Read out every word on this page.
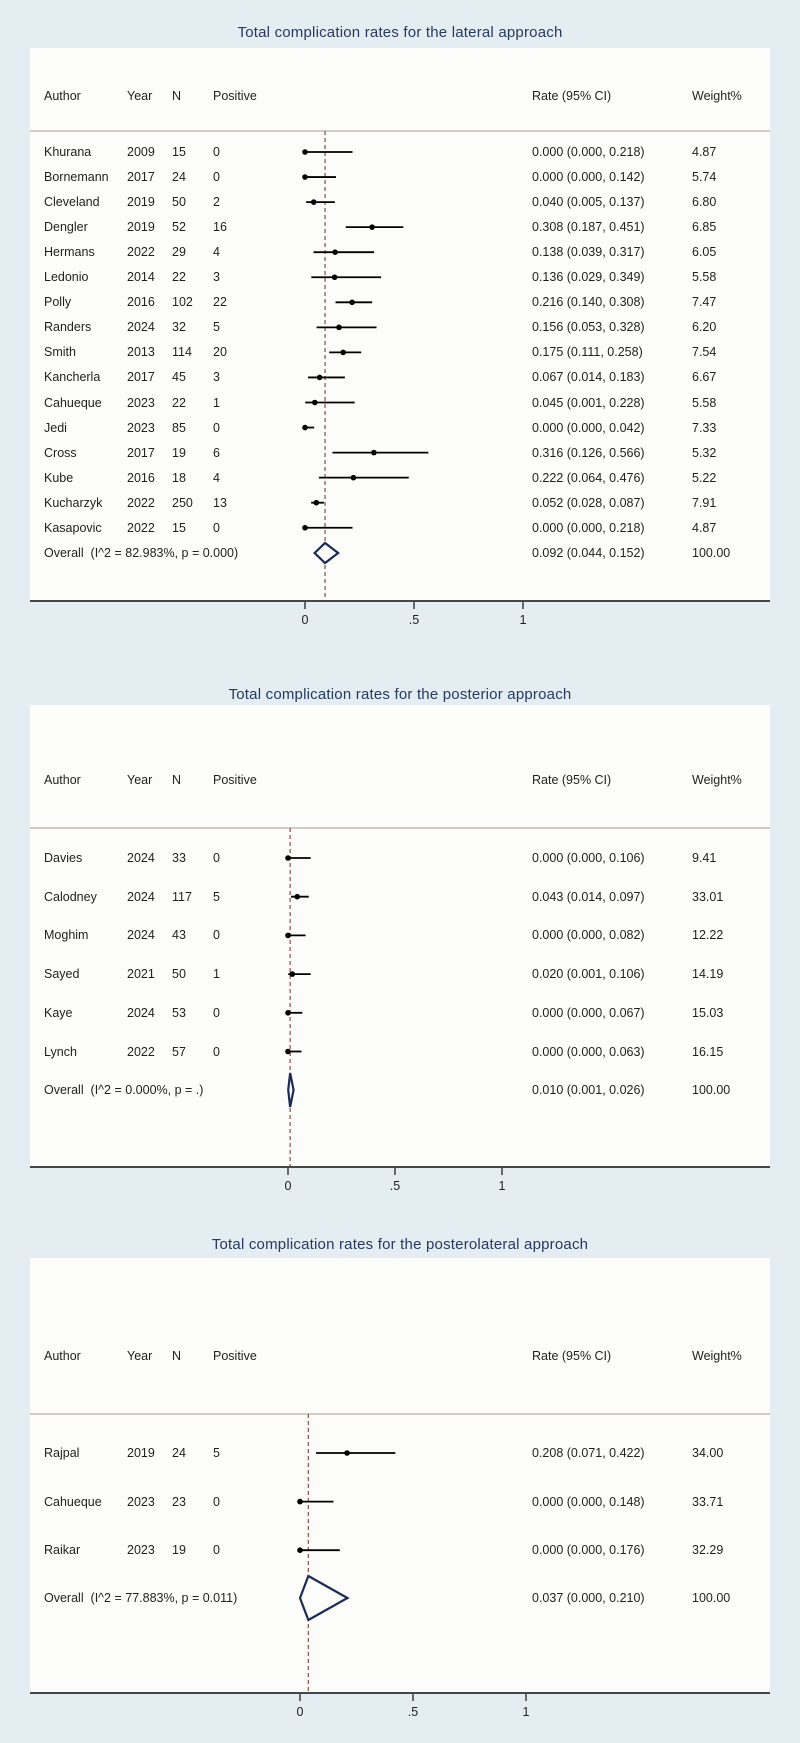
Total complication rates for the lateral approach
Author	Year N	Positive	Rate (95% CI)	Weight%
Khurana	2009 15 0	0.000 (0.000, 0.218)	4.87
Bornemann 2017 24 0	0.000 (0.000, 0.142)	5.74
Cleveland 2019 50 2	0.040 (0.005, 0.137)	6.80
Dengler	2019 52 16	0.308 (0.187, 0.451)	6.85
Hermans	2022 29 4	0.138 (0.039, 0.317)	6.05
Ledonio	2014 22 3	0.136 (0.029, 0.349)	5.58
Polly	2016 102 22	0.216 (0.140, 0.308)	7.47
Randers	2024 32 5	0.156 (0.053, 0.328)	6.20
Smith	2013 114 20	0.175 (0.111, 0.258)	7.54
Kancherla 2017 45 3	0.067 (0.014, 0.183)	6.67
Cahueque 2023 22 1	0.045 (0.001, 0.228)	5.58
Jedi	2023 85 0	0.000 (0.000, 0.042)	7.33
Cross	2017 19 6	0.316 (0.126, 0.566)	5.32
Kube	2016 18 4	0.222 (0.064, 0.476)	5.22
Kucharzyk 2022 250 13	0.052 (0.028, 0.087)	7.91
Kasapovic 2022 15 0	0.000 (0.000, 0.218)	4.87
Overall  (I^2 = 82.983%, p = 0.000)	0.092 (0.044, 0.152)	100.00
Total complication rates for the posterior approach
Author	Year N	Positive	Rate (95% CI)	Weight%
Davies	2024 33 0	0.000 (0.000, 0.106)	9.41
Calodney 2024 117 5	0.043 (0.014, 0.097)	33.01
Moghim	2024 43 0	0.000 (0.000, 0.082)	12.22
Sayed	2021 50 1	0.020 (0.001, 0.106)	14.19
Kaye	2024 53 0	0.000 (0.000, 0.067)	15.03
Lynch	2022 57 0	0.000 (0.000, 0.063)	16.15
Overall  (I^2 = 0.000%, p = .)	0.010 (0.001, 0.026)	100.00
Total complication rates for the posterolateral approach
Author	Year N	Positive	Rate (95% CI)	Weight%
Rajpal	2019 24 5	0.208 (0.071, 0.422)	34.00
Cahueque 2023 23 0	0.000 (0.000, 0.148)	33.71
Raikar	2023 19 0	0.000 (0.000, 0.176)	32.29
Overall  (I^2 = 77.883%, p = 0.011)	0.037 (0.000, 0.210)	100.00
0	.5	1
0	.5	1
0	.5	1
